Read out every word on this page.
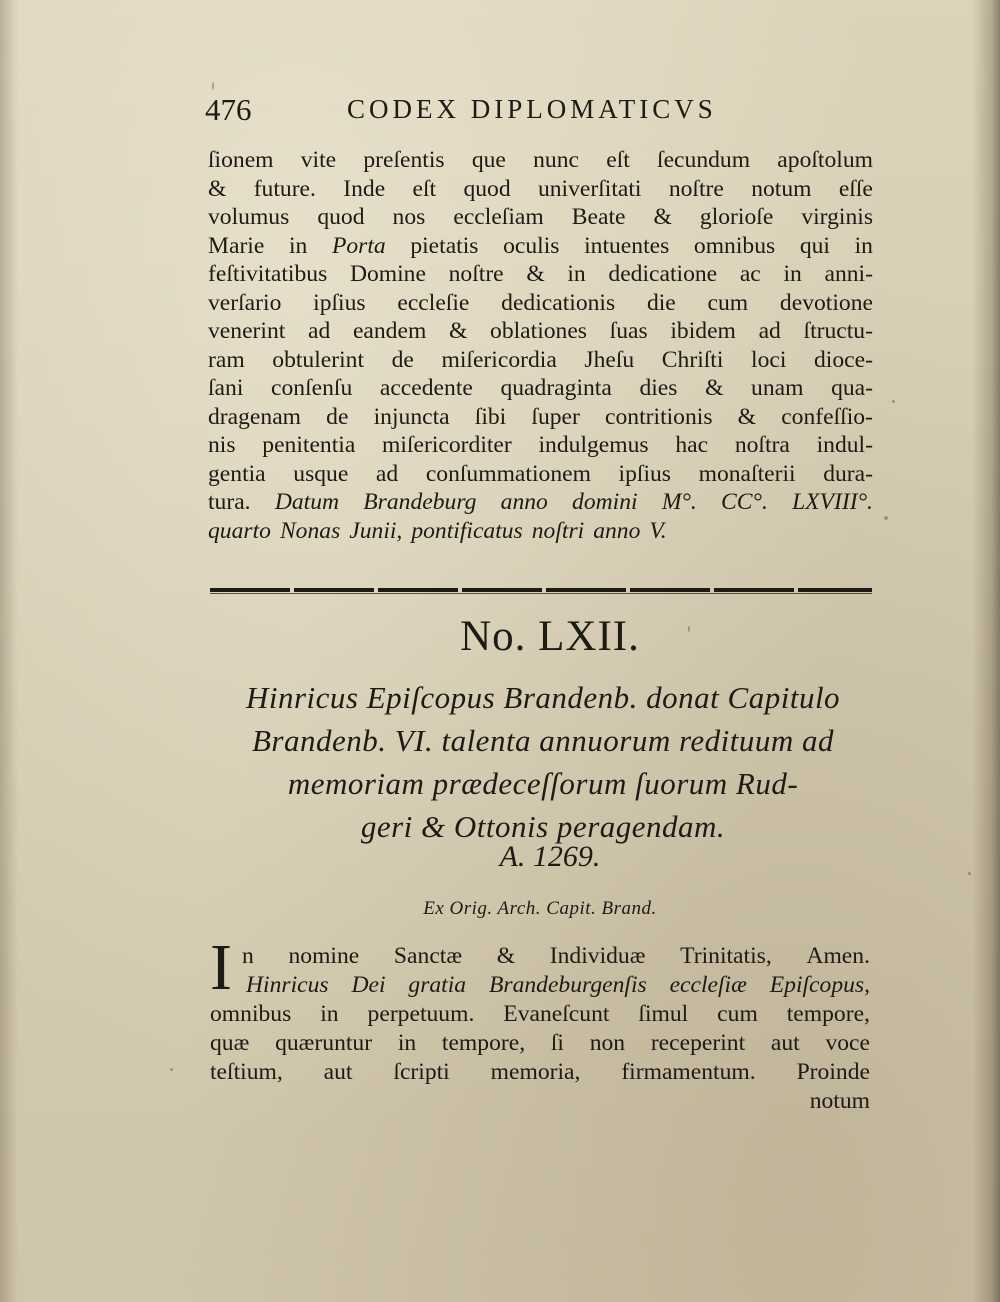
476	CODEX DIPLOMATICVS
ſionem vite preſentis que nunc eſt ſecundum apoſtolum
& future. Inde eſt quod univerſitati noſtre notum eſſe
volumus quod nos eccleſiam Beate & glorioſe virginis
Marie in Porta pietatis oculis intuentes omnibus qui in
feſtivitatibus Domine noſtre & in dedicatione ac in anni-
verſario ipſius eccleſie dedicationis die cum devotione
venerint ad eandem & oblationes ſuas ibidem ad ſtructu-
ram obtulerint de miſericordia Jheſu Chriſti loci dioce-
ſani conſenſu accedente quadraginta dies & unam qua-
dragenam de injuncta ſibi ſuper contritionis & confeſſio-
nis penitentia miſericorditer indulgemus hac noſtra indul-
gentia usque ad conſummationem ipſius monaſterii dura-
tura. Datum Brandeburg anno domini M°. CC°. LXVIII°.
quarto Nonas Junii, pontificatus noſtri anno V.
No. LXII.
Hinricus Epiſcopus Brandenb. donat Capitulo
Brandenb. VI. talenta annuorum redituum ad
memoriam prædeceſſorum ſuorum Rud-
geri & Ottonis peragendam.
A. 1269.
Ex Orig. Arch. Capit. Brand.
I n nomine Sanctæ & Individuæ Trinitatis, Amen.
Hinricus Dei gratia Brandeburgenſis eccleſiæ Epiſcopus,
omnibus in perpetuum. Evaneſcunt ſimul cum tempore,
quæ quæruntur in tempore, ſi non receperint aut voce
teſtium, aut ſcripti memoria, firmamentum. Proinde
notum
